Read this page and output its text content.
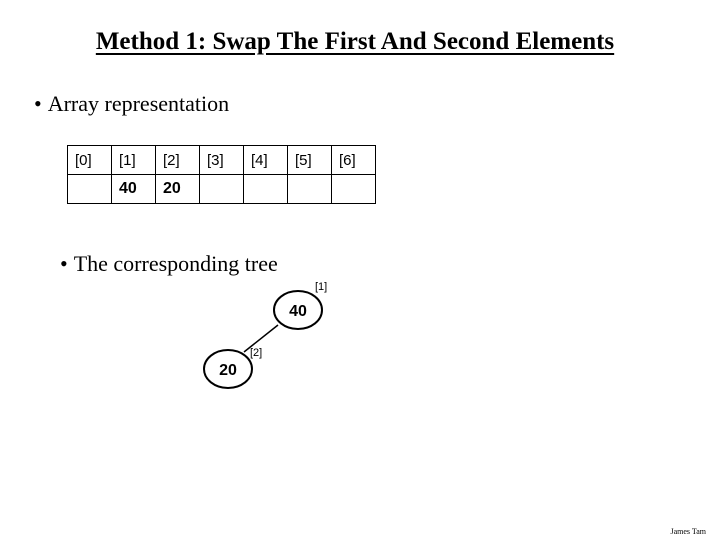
Method 1: Swap The First And Second Elements
• Array representation
[0]	[1]	[2]	[3]	[4]	[5]	[6]
	40	20				
• The corresponding tree
40
[1]
20
[2]
James Tam
